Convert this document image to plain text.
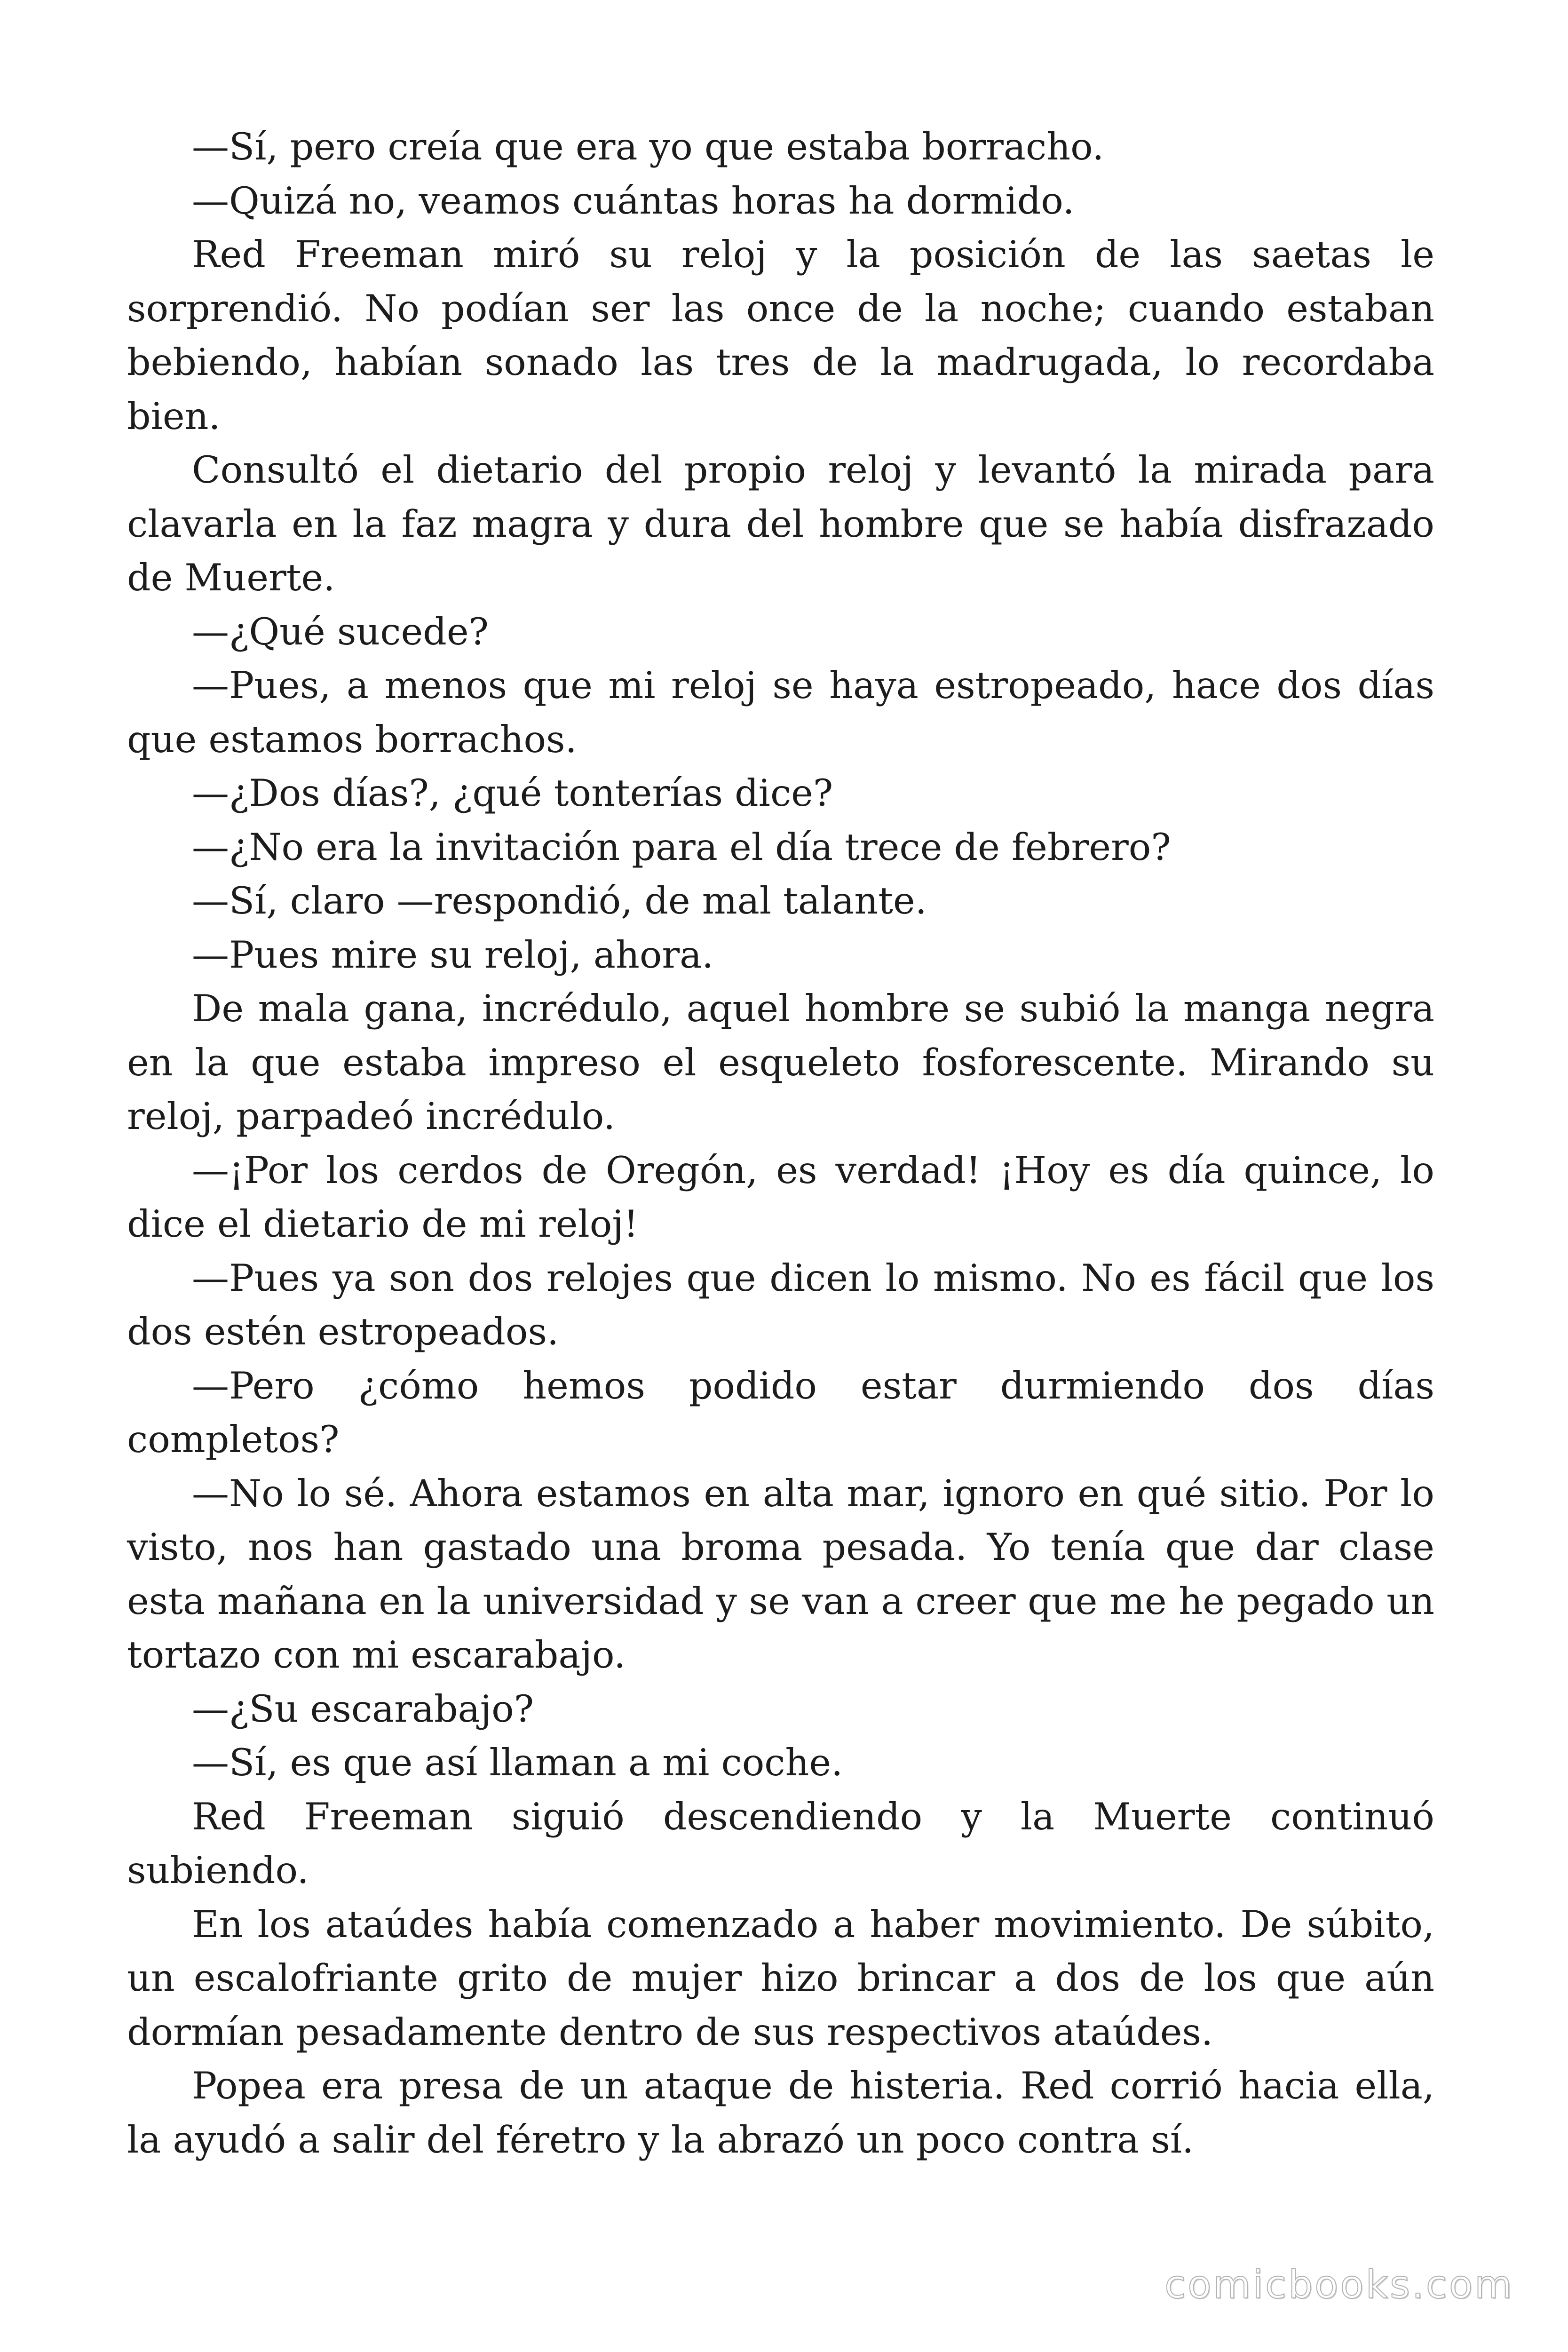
—Sí, pero creía que era yo que estaba borracho.

—Quizá no, veamos cuántas horas ha dormido.

Red Freeman miró su reloj y la posición de las saetas le sorprendió. No podían ser las once de la noche; cuando estaban bebiendo, habían sonado las tres de la madrugada, lo recordaba bien.

Consultó el dietario del propio reloj y levantó la mirada para clavarla en la faz magra y dura del hombre que se había disfrazado de Muerte.

—¿Qué sucede?

—Pues, a menos que mi reloj se haya estropeado, hace dos días que estamos borrachos.

—¿Dos días?, ¿qué tonterías dice?

—¿No era la invitación para el día trece de febrero?

—Sí, claro —respondió, de mal talante.

—Pues mire su reloj, ahora.

De mala gana, incrédulo, aquel hombre se subió la manga negra en la que estaba impreso el esqueleto fosforescente. Mirando su reloj, parpadeó incrédulo.

—¡Por los cerdos de Oregón, es verdad! ¡Hoy es día quince, lo dice el dietario de mi reloj!

—Pues ya son dos relojes que dicen lo mismo. No es fácil que los dos estén estropeados.

—Pero ¿cómo hemos podido estar durmiendo dos días completos?

—No lo sé. Ahora estamos en alta mar, ignoro en qué sitio. Por lo visto, nos han gastado una broma pesada. Yo tenía que dar clase esta mañana en la universidad y se van a creer que me he pegado un tortazo con mi escarabajo.

—¿Su escarabajo?

—Sí, es que así llaman a mi coche.

Red Freeman siguió descendiendo y la Muerte continuó subiendo.

En los ataúdes había comenzado a haber movimiento. De súbito, un escalofriante grito de mujer hizo brincar a dos de los que aún dormían pesadamente dentro de sus respectivos ataúdes.

Popea era presa de un ataque de histeria. Red corrió hacia ella, la ayudó a salir del féretro y la abrazó un poco contra sí.

comicbooks.com
